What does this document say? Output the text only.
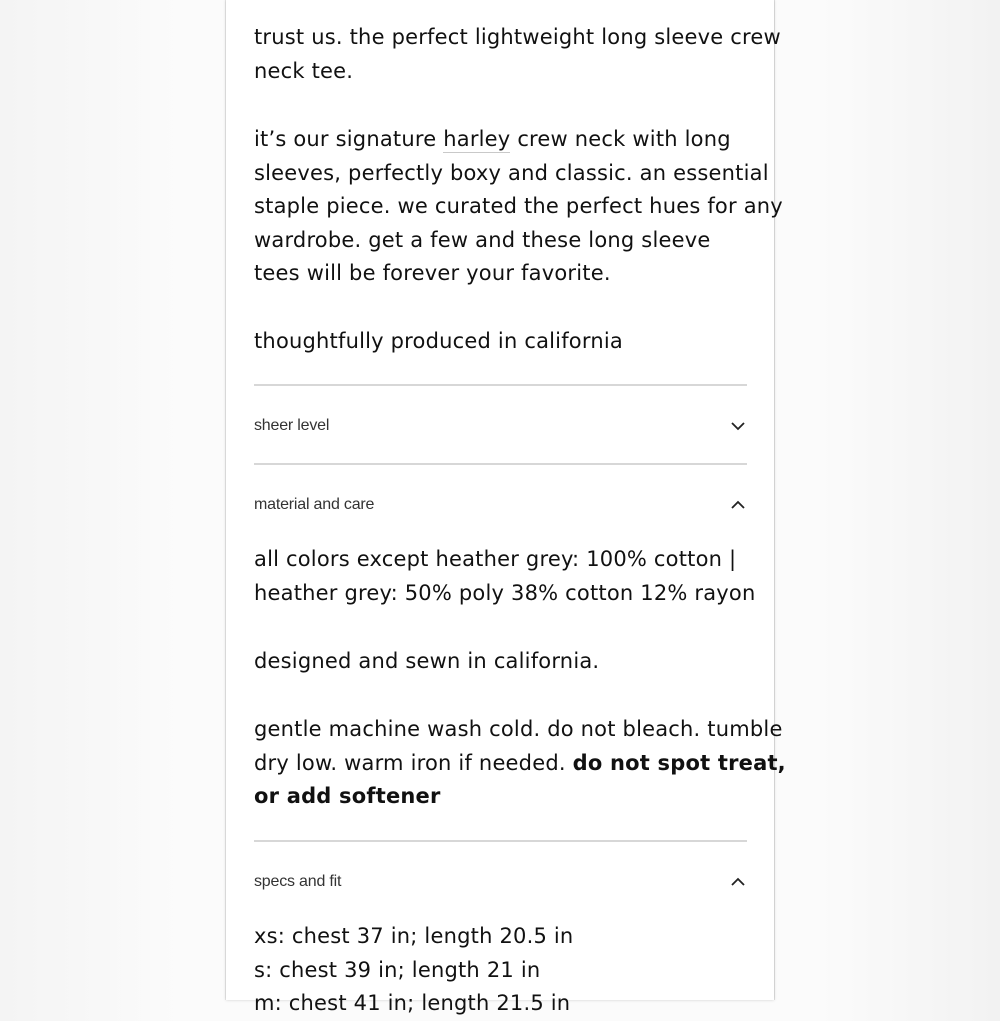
trust us. the perfect lightweight long sleeve crew
neck tee.

it’s our signature harley crew neck with long
sleeves, perfectly boxy and classic. an essential
staple piece. we curated the perfect hues for any
wardrobe. get a few and these long sleeve
tees will be forever your favorite.

thoughtfully produced in california

sheer level
material and care

all colors except heather grey: 100% cotton |
heather grey: 50% poly 38% cotton 12% rayon

designed and sewn in california.

gentle machine wash cold. do not bleach. tumble
dry low. warm iron if needed. do not spot treat,
or add softener

specs and fit

xs: chest 37 in; length 20.5 in
s: chest 39 in; length 21 in
m: chest 41 in; length 21.5 in
